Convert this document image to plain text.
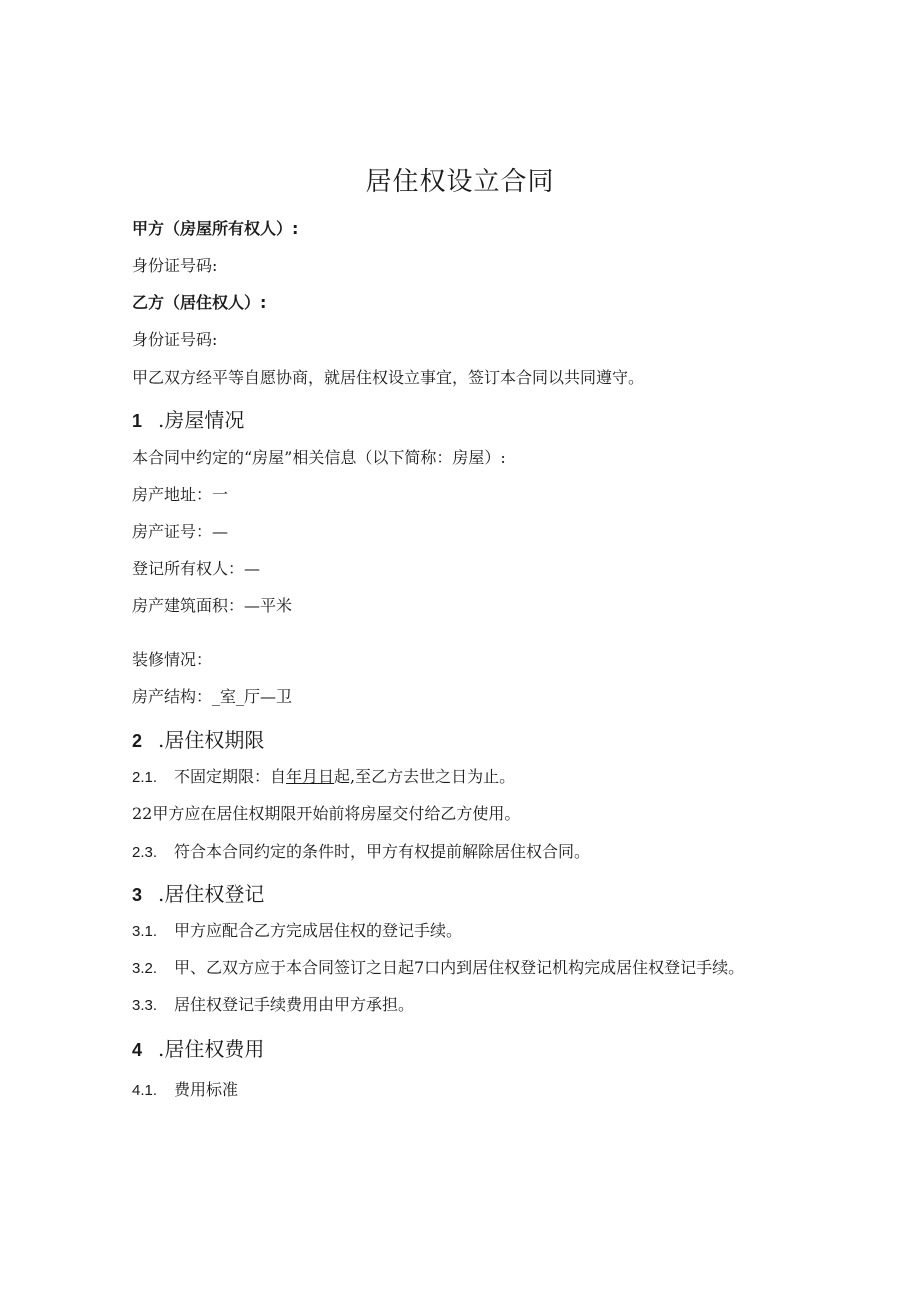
居住权设立合同
甲方（房屋所有权人）:
身份证号码:
乙方（居住权人）:
身份证号码:
甲乙双方经平等自愿协商，就居住权设立事宜，签订本合同以共同遵守。
1 .房屋情况
本合同中约定的“房屋”相关信息（以下简称：房屋）:
房产地址：一
房产证号：—
登记所有权人：—
房产建筑面积：—平米
装修情况：
房产结构：_室_厅—卫
2 .居住权期限
2.1. 不固定期限：自年月日起,至乙方去世之日为止。
22甲方应在居住权期限开始前将房屋交付给乙方使用。
2.3. 符合本合同约定的条件时，甲方有权提前解除居住权合同。
3 .居住权登记
3.1. 甲方应配合乙方完成居住权的登记手续。
3.2. 甲、乙双方应于本合同签订之日起7口内到居住权登记机构完成居住权登记手续。
3.3. 居住权登记手续费用由甲方承担。
4 .居住权费用
4.1. 费用标准
